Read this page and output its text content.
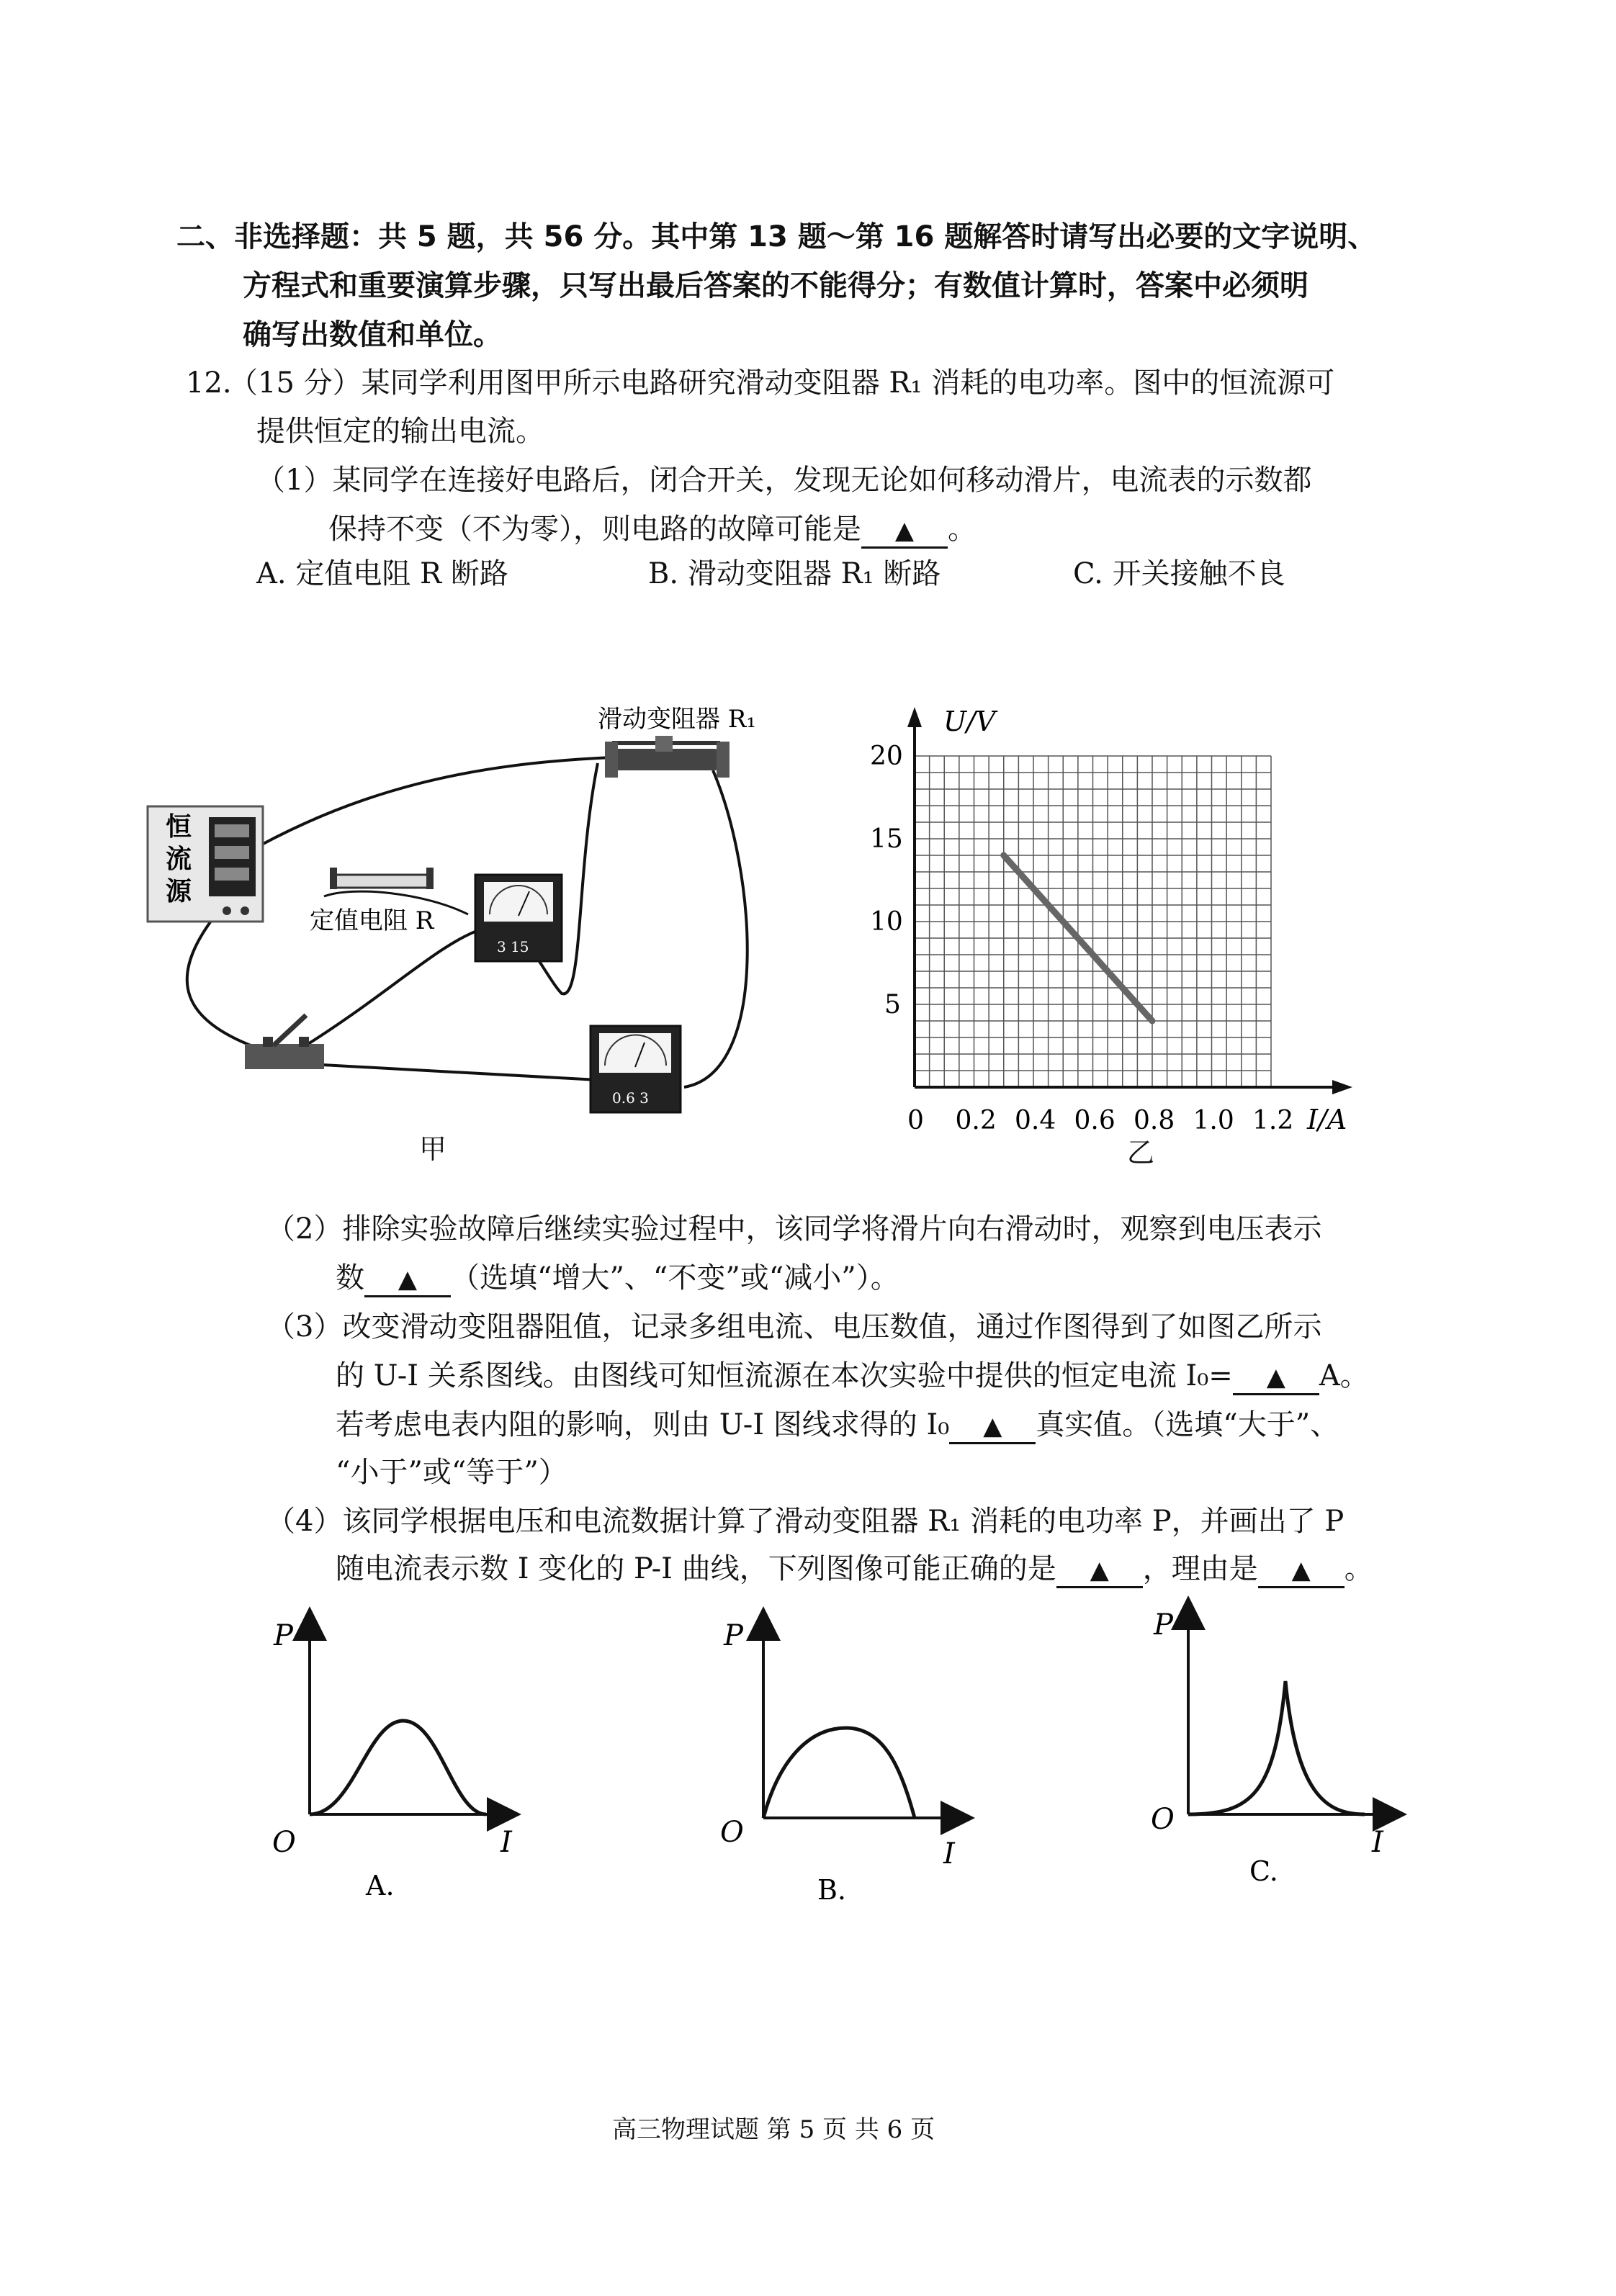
二、非选择题：共 5 题，共 56 分。其中第 13 题～第 16 题解答时请写出必要的文字说明、
方程式和重要演算步骤，只写出最后答案的不能得分；有数值计算时，答案中必须明
确写出数值和单位。
12.
（15 分）某同学利用图甲所示电路研究滑动变阻器 R₁ 消耗的电功率。图中的恒流源可
提供恒定的输出电流。
（1）某同学在连接好电路后，闭合开关，发现无论如何移动滑片，电流表的示数都
保持不变（不为零），则电路的故障可能是 ▲ 。
A. 定值电阻 R 断路	B. 滑动变阻器 R₁ 断路	C. 开关接触不良
恒
流
源
滑动变阻器 R₁
定值电阻 R
3 15
0.6 3
甲
0 0.2 0.4 0.6 0.8 1.0 1.2
5
10
15
20
U/V
I/A
乙
（2）排除实验故障后继续实验过程中，该同学将滑片向右滑动时，观察到电压表示
数 ▲ （选填“增大”、“不变”或“减小”）。
（3）改变滑动变阻器阻值，记录多组电流、电压数值，通过作图得到了如图乙所示
的 U-I 关系图线。由图线可知恒流源在本次实验中提供的恒定电流 I₀= ▲ A。
若考虑电表内阻的影响，则由 U-I 图线求得的 I₀ ▲ 真实值。（选填“大于”、
“小于”或“等于”）
（4）该同学根据电压和电流数据计算了滑动变阻器 R₁ 消耗的电功率 P，并画出了 P
随电流表示数 I 变化的 P-I 曲线，下列图像可能正确的是 ▲ ，理由是 ▲ 。
P
O	I
A.
P
O
I
B.
P
O
I
C.
高三物理试题 第 5 页 共 6 页
